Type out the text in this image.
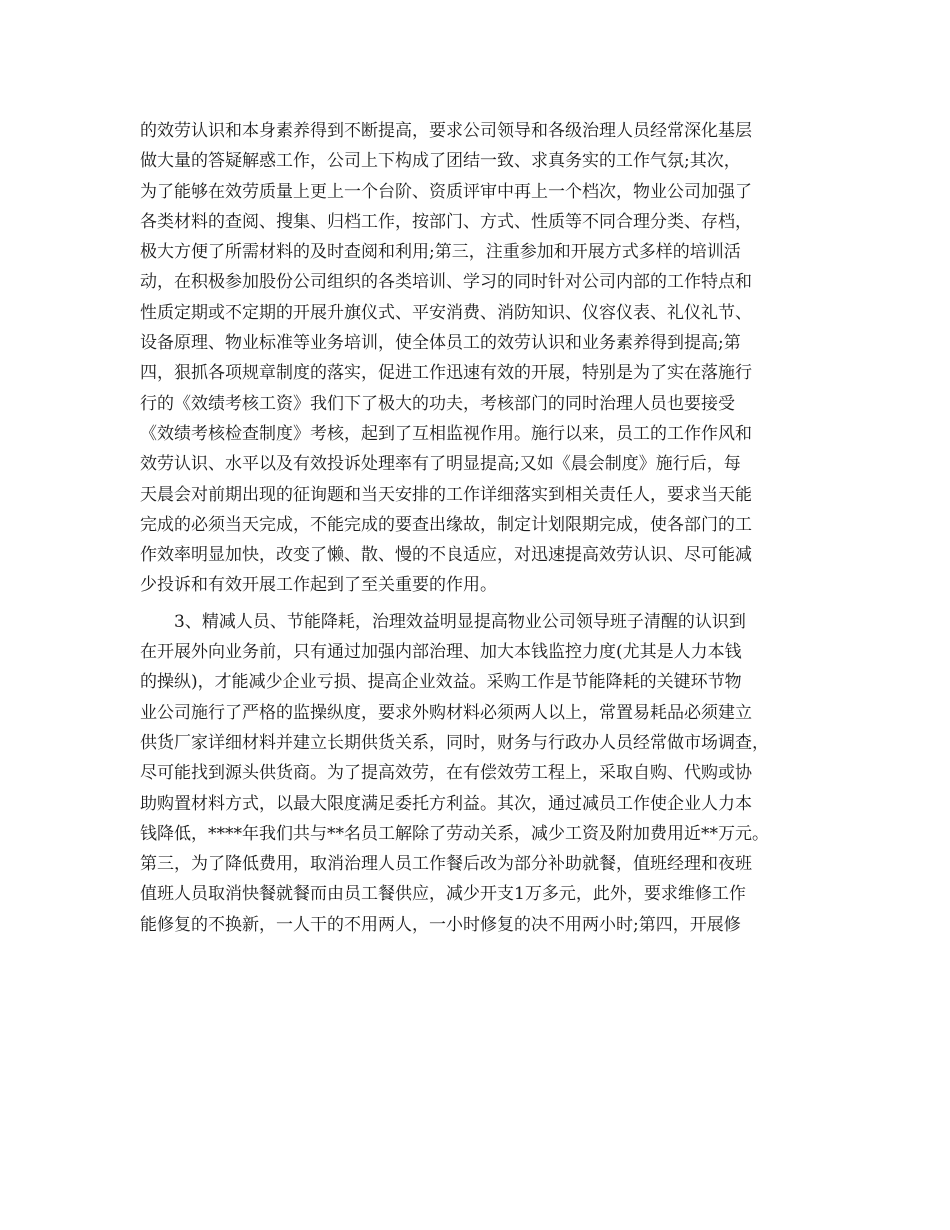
的效劳认识和本身素养得到不断提高，要求公司领导和各级治理人员经常深化基层
做大量的答疑解惑工作，公司上下构成了团结一致、求真务实的工作气氛;其次，
为了能够在效劳质量上更上一个台阶、资质评审中再上一个档次，物业公司加强了
各类材料的查阅、搜集、归档工作，按部门、方式、性质等不同合理分类、存档，
极大方便了所需材料的及时查阅和利用;第三，注重参加和开展方式多样的培训活
动，在积极参加股份公司组织的各类培训、学习的同时针对公司内部的工作特点和
性质定期或不定期的开展升旗仪式、平安消费、消防知识、仪容仪表、礼仪礼节、
设备原理、物业标准等业务培训，使全体员工的效劳认识和业务素养得到提高;第
四，狠抓各项规章制度的落实，促进工作迅速有效的开展，特别是为了实在落施行
行的《效绩考核工资》我们下了极大的功夫，考核部门的同时治理人员也要接受
《效绩考核检查制度》考核，起到了互相监视作用。施行以来，员工的工作作风和
效劳认识、水平以及有效投诉处理率有了明显提高;又如《晨会制度》施行后，每
天晨会对前期出现的征询题和当天安排的工作详细落实到相关责任人，要求当天能
完成的必须当天完成，不能完成的要查出缘故，制定计划限期完成，使各部门的工
作效率明显加快，改变了懒、散、慢的不良适应，对迅速提高效劳认识、尽可能减
少投诉和有效开展工作起到了至关重要的作用。
3、精减人员、节能降耗，治理效益明显提高物业公司领导班子清醒的认识到
在开展外向业务前，只有通过加强内部治理、加大本钱监控力度(尤其是人力本钱
的操纵)，才能减少企业亏损、提高企业效益。采购工作是节能降耗的关键环节物
业公司施行了严格的监操纵度，要求外购材料必须两人以上，常置易耗品必须建立
供货厂家详细材料并建立长期供货关系，同时，财务与行政办人员经常做市场调查，
尽可能找到源头供货商。为了提高效劳，在有偿效劳工程上，采取自购、代购或协
助购置材料方式，以最大限度满足委托方利益。其次，通过减员工作使企业人力本
钱降低，****年我们共与**名员工解除了劳动关系，减少工资及附加费用近**万元。
第三，为了降低费用，取消治理人员工作餐后改为部分补助就餐，值班经理和夜班
值班人员取消快餐就餐而由员工餐供应，减少开支1万多元，此外，要求维修工作
能修复的不换新，一人干的不用两人，一小时修复的决不用两小时;第四，开展修
